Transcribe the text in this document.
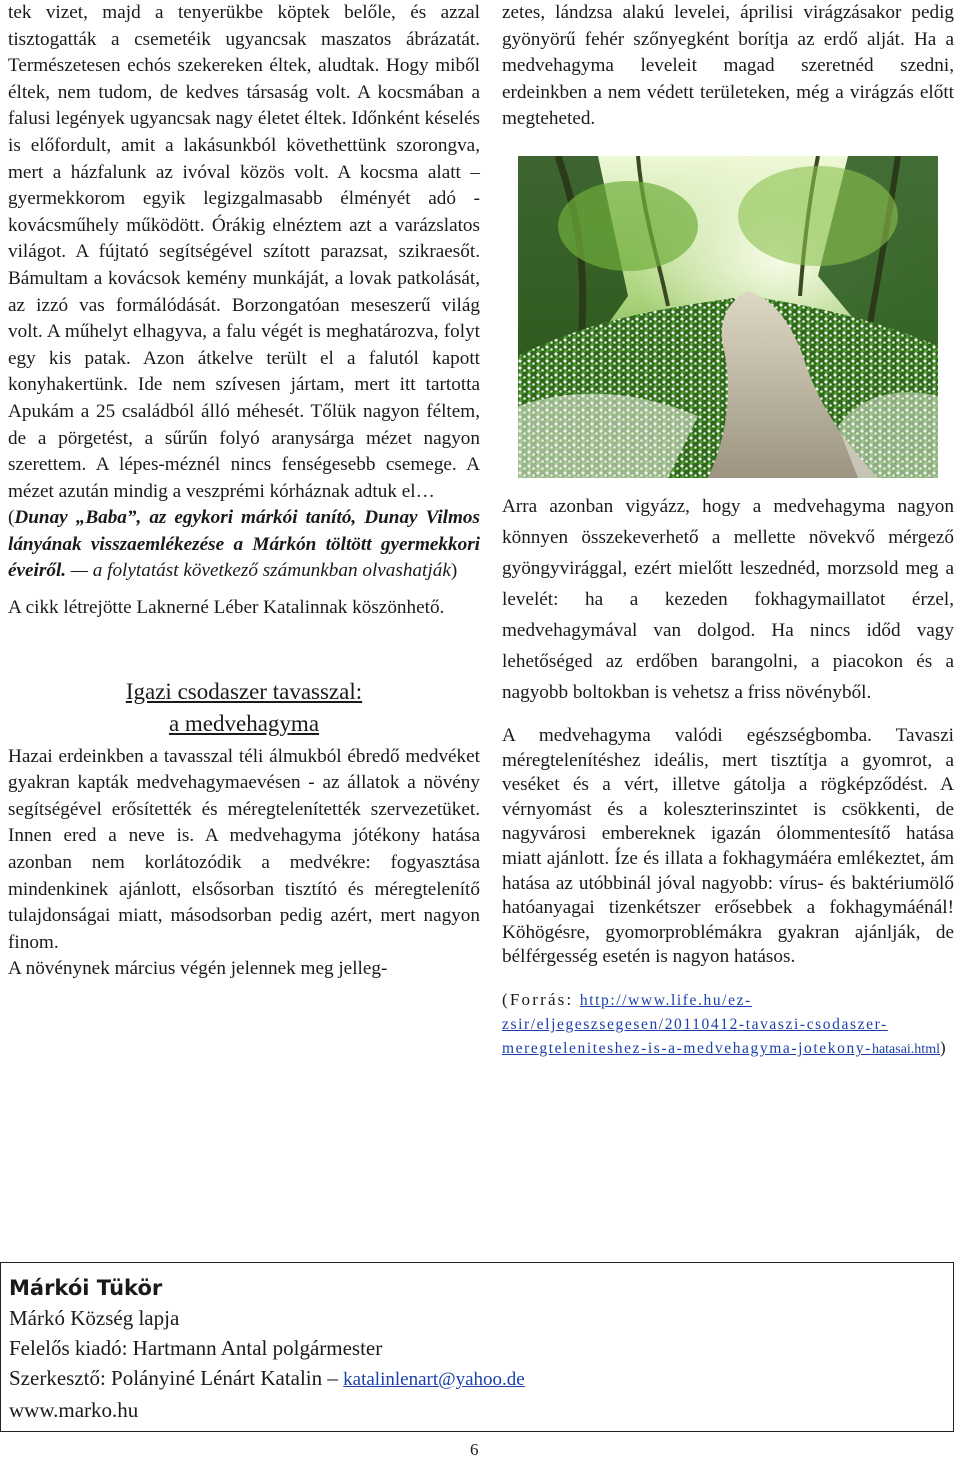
tek vizet, majd a tenyerükbe köptek belőle, és azzal tisztogatták a csemetéik ugyancsak maszatos ábrázatát. Természetesen echós szekereken éltek, aludtak. Hogy miből éltek, nem tudom, de kedves társaság volt. A kocsmában a falusi legények ugyancsak nagy életet éltek. Időnként késelés is előfordult, amit a lakásunkból követhettünk szorongva, mert a házfalunk az ivóval közös volt. A kocsma alatt – gyermekkorom egyik legizgalmasabb élményét adó - kovácsműhely működött. Órákig elnéztem azt a varázslatos világot. A fújtató segítségével szított parazsat, szikraesőt. Bámultam a kovácsok kemény munkáját, a lovak patkolását, az izzó vas formálódását. Borzongatóan meseszerű világ volt. A műhelyt elhagyva, a falu végét is meghatározva, folyt egy kis patak. Azon átkelve terült el a falutól kapott konyhakertünk. Ide nem szívesen jártam, mert itt tartotta Apukám a 25 családból álló méhesét. Tőlük nagyon féltem, de a pörgetést, a sűrűn folyó aranysárga mézet nagyon szerettem. A lépes-méznél nincs fenségesebb csemege. A mézet azután mindig a veszprémi kórháznak adtuk el…

(Dunay „Baba”, az egykori márkói tanító, Dunay Vilmos lányának visszaemlékezése a Márkón töltött gyermekkori éveiről. — a folytatást következő számunkban olvashatják)

A cikk létrejötte Laknerné Léber Katalinnak köszönhető.

Igazi csodaszer tavasszal:
a medvehagyma

Hazai erdeinkben a tavasszal téli álmukból ébredő medvéket gyakran kapták medvehagymaevésen - az állatok a növény segítségével erősítették és méregtelenítették szervezetüket. Innen ered a neve is. A medvehagyma jótékony hatása azonban nem korlátozódik a medvékre: fogyasztása mindenkinek ajánlott, elsősorban tisztító és méregtelenítő tulajdonságai miatt, másodsorban pedig azért, mert nagyon finom.

A növénynek március végén jelennek meg jelleg-

zetes, lándzsa alakú levelei, áprilisi virágzásakor pedig gyönyörű fehér szőnyegként borítja az erdő alját. Ha a medvehagyma leveleit magad szeretnéd szedni, erdeinkben a nem védett területeken, még a virágzás előtt megteheted.

Arra azonban vigyázz, hogy a medvehagyma nagyon könnyen összekeverhető a mellette növekvő mérgező gyöngyvirággal, ezért mielőtt leszednéd, morzsold meg a levelét: ha a kezeden fokhagymaillatot érzel, medvehagymával van dolgod. Ha nincs időd vagy lehetőséged az erdőben barangolni, a piacokon és a nagyobb boltokban is vehetsz a friss növényből.

A medvehagyma valódi egészségbomba. Tavaszi méregtelenítéshez ideális, mert tisztítja a gyomrot, a veséket és a vért, illetve gátolja a rögképződést. A vérnyomást és a koleszterinszintet is csökkenti, de nagyvárosi embereknek igazán ólommentesítő hatása miatt ajánlott. Íze és illata a fokhagymáéra emlékeztet, ám hatása az utóbbinál jóval nagyobb: vírus- és baktériumölő hatóanyagai tizenkétszer erősebbek a fokhagymáénál! Köhögésre, gyomorproblémákra gyakran ajánlják, de bélférgesség esetén is nagyon hatásos.

(Forrás: http://www.life.hu/ez-zsir/eljegeszsegesen/20110412-tavaszi-csodaszer-meregteleniteshez-is-a-medvehagyma-jotekony-hatasai.html)

Márkói Tükör
Márkó Község lapja
Felelős kiadó: Hartmann Antal polgármester
Szerkesztő: Polányiné Lénárt Katalin – katalinlenart@yahoo.de
www.marko.hu
6
